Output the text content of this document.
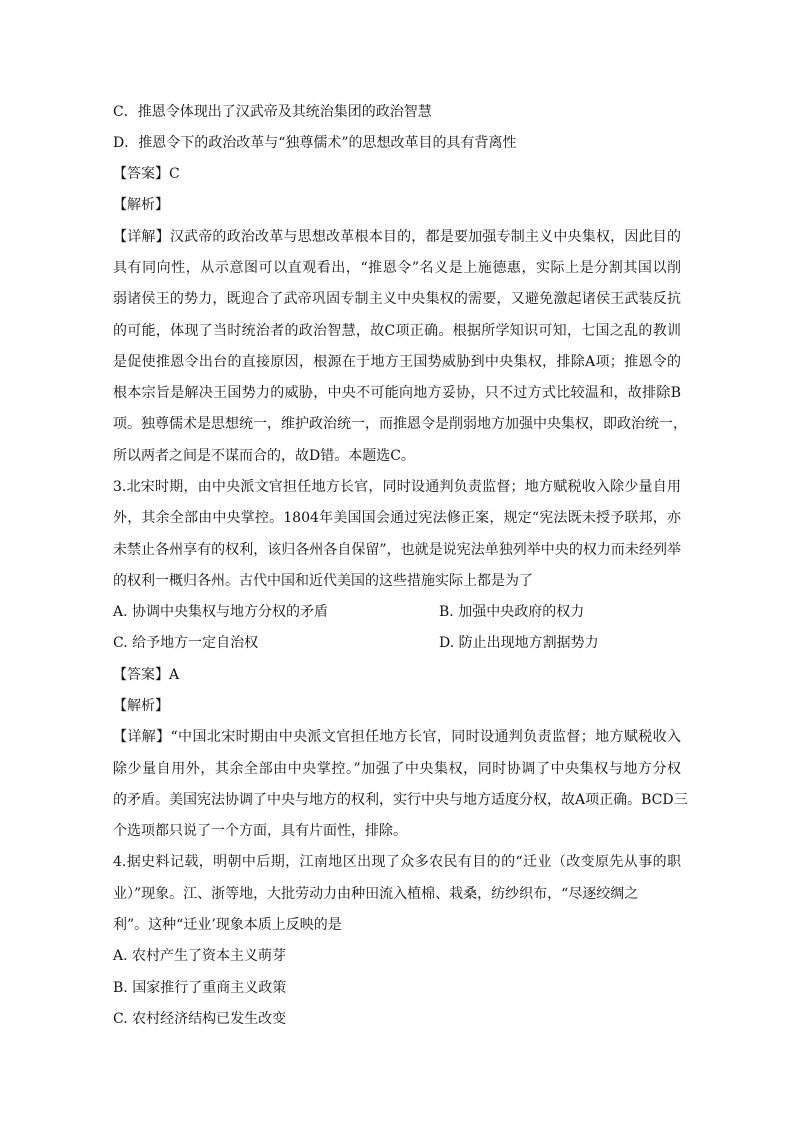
C．推恩令体现出了汉武帝及其统治集团的政治智慧
D．推恩令下的政治改革与“独尊儒术”的思想改革目的具有背离性
【答案】C
【解析】
【详解】汉武帝的政治改革与思想改革根本目的，都是要加强专制主义中央集权，因此目的
具有同向性，从示意图可以直观看出，“推恩令”名义是上施德惠，实际上是分割其国以削
弱诸侯王的势力，既迎合了武帝巩固专制主义中央集权的需要，又避免激起诸侯王武装反抗
的可能，体现了当时统治者的政治智慧，故C项正确。根据所学知识可知，七国之乱的教训
是促使推恩令出台的直接原因，根源在于地方王国势威胁到中央集权，排除A项；推恩令的
根本宗旨是解决王国势力的威胁，中央不可能向地方妥协，只不过方式比较温和，故排除B
项。独尊儒术是思想统一，维护政治统一，而推恩令是削弱地方加强中央集权，即政治统一，
所以两者之间是不谋而合的，故D错。本题选C。
3.北宋时期，由中央派文官担任地方长官，同时设通判负责监督；地方赋税收入除少量自用
外，其余全部由中央掌控。1804年美国国会通过宪法修正案，规定“宪法既未授予联邦，亦
未禁止各州享有的权利，该归各州各自保留”，也就是说宪法单独列举中央的权力而未经列举
的权利一概归各州。古代中国和近代美国的这些措施实际上都是为了
A. 协调中央集权与地方分权的矛盾	B. 加强中央政府的权力
C. 给予地方一定自治权	D. 防止出现地方割据势力
【答案】A
【解析】
【详解】“中国北宋时期由中央派文官担任地方长官，同时设通判负责监督；地方赋税收入
除少量自用外，其余全部由中央掌控。”加强了中央集权，同时协调了中央集权与地方分权
的矛盾。美国宪法协调了中央与地方的权利，实行中央与地方适度分权，故A项正确。BCD三
个选项都只说了一个方面，具有片面性，排除。
4.据史料记载，明朝中后期，江南地区出现了众多农民有目的的“迁业（改变原先从事的职
业）”现象。江、浙等地，大批劳动力由种田流入植棉、栽桑，纺纱织布，“尽逐绞绸之
利”。这种“迁业’现象本质上反映的是
A. 农村产生了资本主义萌芽
B. 国家推行了重商主义政策
C. 农村经济结构已发生改变
